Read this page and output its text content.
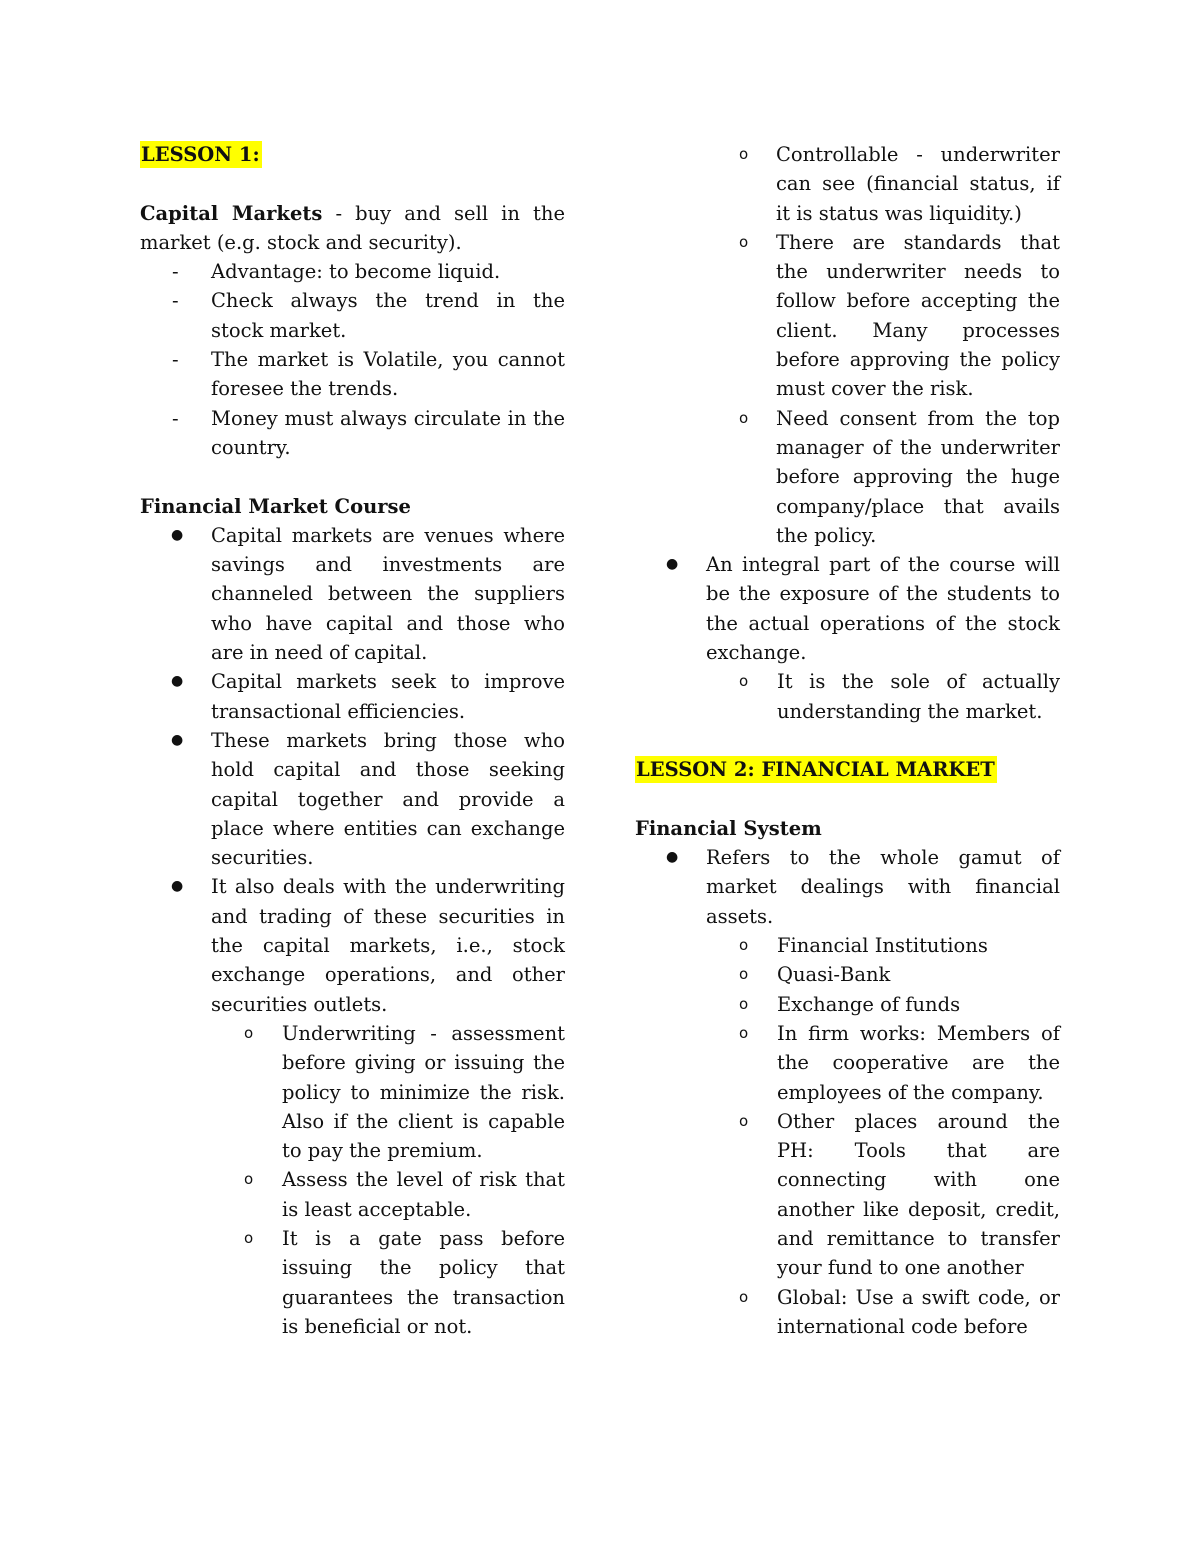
LESSON 1:

Capital Markets - buy and sell in the market (e.g. stock and security).

- Advantage: to become liquid.
- Check always the trend in the stock market.
- The market is Volatile, you cannot foresee the trends.
- Money must always circulate in the country.

Financial Market Course

● Capital markets are venues where savings and investments are channeled between the suppliers who have capital and those who are in need of capital.
● Capital markets seek to improve transactional efficiencies.
● These markets bring those who hold capital and those seeking capital together and provide a place where entities can exchange securities.
● It also deals with the underwriting and trading of these securities in the capital markets, i.e., stock exchange operations, and other securities outlets.
o Underwriting - assessment before giving or issuing the policy to minimize the risk. Also if the client is capable to pay the premium.
o Assess the level of risk that is least acceptable.
o It is a gate pass before issuing the policy that guarantees the transaction is beneficial or not.
o Controllable - underwriter can see (financial status, if it is status was liquidity.)
o There are standards that the underwriter needs to follow before accepting the client. Many processes before approving the policy must cover the risk.
o Need consent from the top manager of the underwriter before approving the huge company/place that avails the policy.
● An integral part of the course will be the exposure of the students to the actual operations of the stock exchange.
o It is the sole of actually understanding the market.

LESSON 2: FINANCIAL MARKET

Financial System

● Refers to the whole gamut of market dealings with financial assets.
o Financial Institutions
o Quasi-Bank
o Exchange of funds
o In firm works: Members of the cooperative are the employees of the company.
o Other places around the PH: Tools that are connecting with one another like deposit, credit, and remittance to transfer your fund to one another
o Global: Use a swift code, or international code before
